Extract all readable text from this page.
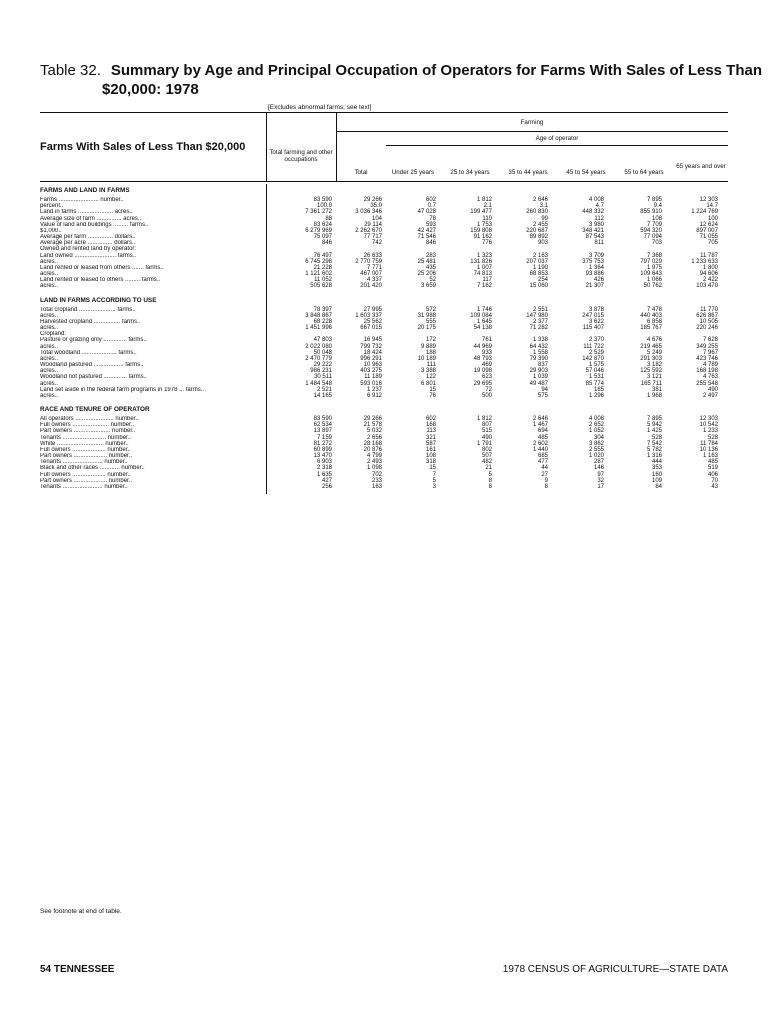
Table 32. Summary by Age and Principal Occupation of Operators for Farms With Sales of Less Than
$20,000: 1978
[Excludes abnormal farms; see text]
Farms With Sales of Less Than $20,000	Total farming and other occupations
Farming
Age of operator
Total	Under 25 years	25 to 34 years	35 to 44 years	45 to 54 years	55 to 64 years
65 years and over
FARMS AND LAND IN FARMS
Farms ........................ number..	83 590	29 266	602	1 812	2 646	4 008	7 895	12 303
percent..	100.0	35.0	0.7	2.1	3.1	4.7	9.4	14.7
Land in farms ..................... acres..	7 361 272	3 036 346	47 028	199 477	260 830	448 332	855 910	1 224 769
Average size of farm ............... acres..	88	104	78	110	99	112	108	100
Value of land and buildings ......... farms..	83 624	29 114	593	1 753	2 455	3 980	7 709	12 624
$1,000..	6 279 969	2 262 670	42 427	159 808	220 687	348 421	594 320	897 007
Average per farm ............... dollars..	75 097	77 717	71 546	91 162	89 892	87 543	77 094	71 055
Average per acre ............... dollars..	846	742	846	776	903	811	703	705
Owned and rented land by operator:
Land owned ......................... farms..	76 497	26 633	283	1 323	2 163	3 709	7 368	11 787
acres..	6 745 298	2 770 759	25 481	131 826	207 037	375 753	797 029	1 233 633
Land rented or leased from others ....... farms..	21 228	7 771	435	1 007	1 190	1 364	1 975	1 800
acres..	1 121 602	467 007	25 206	74 813	68 853	93 886	109 643	94 606
Land rented or leased to others ......... farms..	11 052	4 337	52	117	254	426	1 066	2 422
acres..	505 628	201 420	3 659	7 162	15 060	21 307	50 762	103 470
LAND IN FARMS ACCORDING TO USE
Total cropland ...................... farms..	78 397	27 995	572	1 746	2 551	3 878	7 478	11 770
acres..	3 848 867	1 603 337	31 988	109 084	147 980	247 015	440 403	626 867
Harvested cropland ................ farms..	68 228	25 562	555	1 645	2 377	3 622	6 858	10 505
acres..	1 451 996	667 015	20 175	54 138	71 282	115 407	185 767	220 246
Cropland:
Pasture or grazing only .............. farms..	47 803	16 945	172	761	1 338	2 370	4 676	7 628
acres..	2 022 080	799 732	9 889	44 969	64 432	111 722	219 465	349 255
Total woodland ..................... farms..	50 048	18 424	188	933	1 558	2 529	5 249	7 967
acres..	2 470 779	996 291	10 189	48 793	79 390	142 870	291 303	423 746
Woodland pastured .................. farms..	29 222	10 963	111	469	837	1 575	3 182	4 789
acres..	986 231	403 275	3 388	19 098	29 903	57 046	125 592	168 198
Woodland not pastured .............. farms..	30 511	11 189	122	623	1 039	1 531	3 121	4 763
acres..	1 484 548	593 016	6 801	29 695	49 487	85 774	165 711	255 548
Land set aside in the federal farm programs in 1978 ... farms..	2 521	1 237	15	72	94	185	381	490
acres..	14 165	6 912	76	500	575	1 296	1 968	2 497
RACE AND TENURE OF OPERATOR
All operators ....................... number..	83 590	29 266	602	1 812	2 646	4 008	7 895	12 303
Full owners ...................... number..	62 534	21 578	168	807	1 467	2 652	5 942	10 542
Part owners ...................... number..	13 897	5 032	113	515	694	1 052	1 425	1 233
Tenants .......................... number..	7 159	2 656	321	490	485	304	528	528
White ............................ number..	81 272	28 168	587	1 791	2 602	3 862	7 542	11 784
Full owners .................... number..	60 899	20 876	161	802	1 440	2 555	5 782	10 136
Part owners .................... number..	13 470	4 799	108	507	685	1 020	1 316	1 163
Tenants ........................ number..	6 903	2 493	318	482	477	287	444	485
Black and other races ............ number..	2 318	1 098	15	21	44	146	353	519
Full owners .................... number..	1 635	702	7	5	27	97	160	406
Part owners .................... number..	427	233	5	8	9	32	109	70
Tenants ........................ number..	256	163	3	8	8	17	84	43
See footnote at end of table.
54 TENNESSEE	1978 CENSUS OF AGRICULTURE—STATE DATA
